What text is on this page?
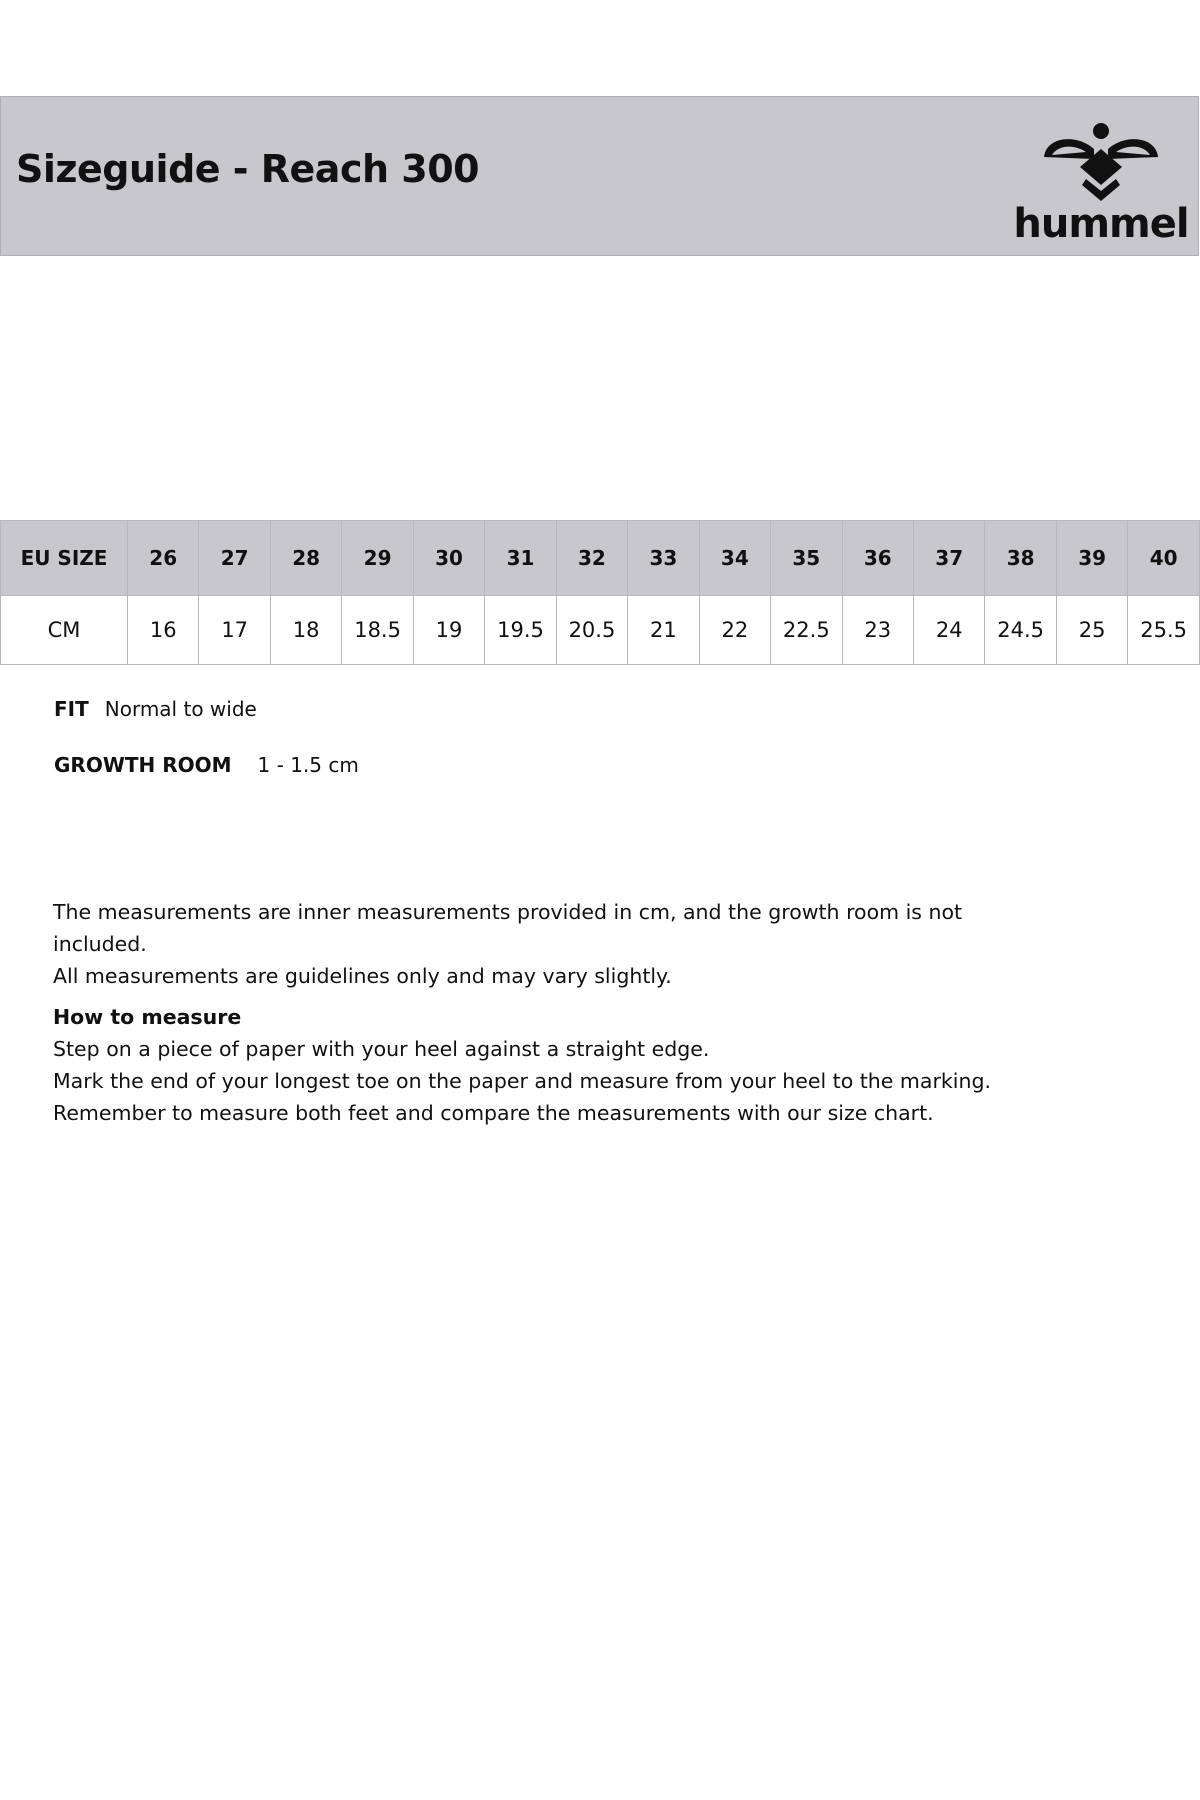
Sizeguide - Reach 300
hummel
EU SIZE	26	27	28	29	30	31	32	33	34	35	36	37	38	39	40
CM	16	17	18	18.5	19	19.5	20.5	21	22	22.5	23	24	24.5	25	25.5
FIT Normal to wide
GROWTH ROOM 1 - 1.5 cm

The measurements are inner measurements provided in cm, and the growth room is not included.

All measurements are guidelines only and may vary slightly.

How to measure

Step on a piece of paper with your heel against a straight edge.

Mark the end of your longest toe on the paper and measure from your heel to the marking.

Remember to measure both feet and compare the measurements with our size chart.
